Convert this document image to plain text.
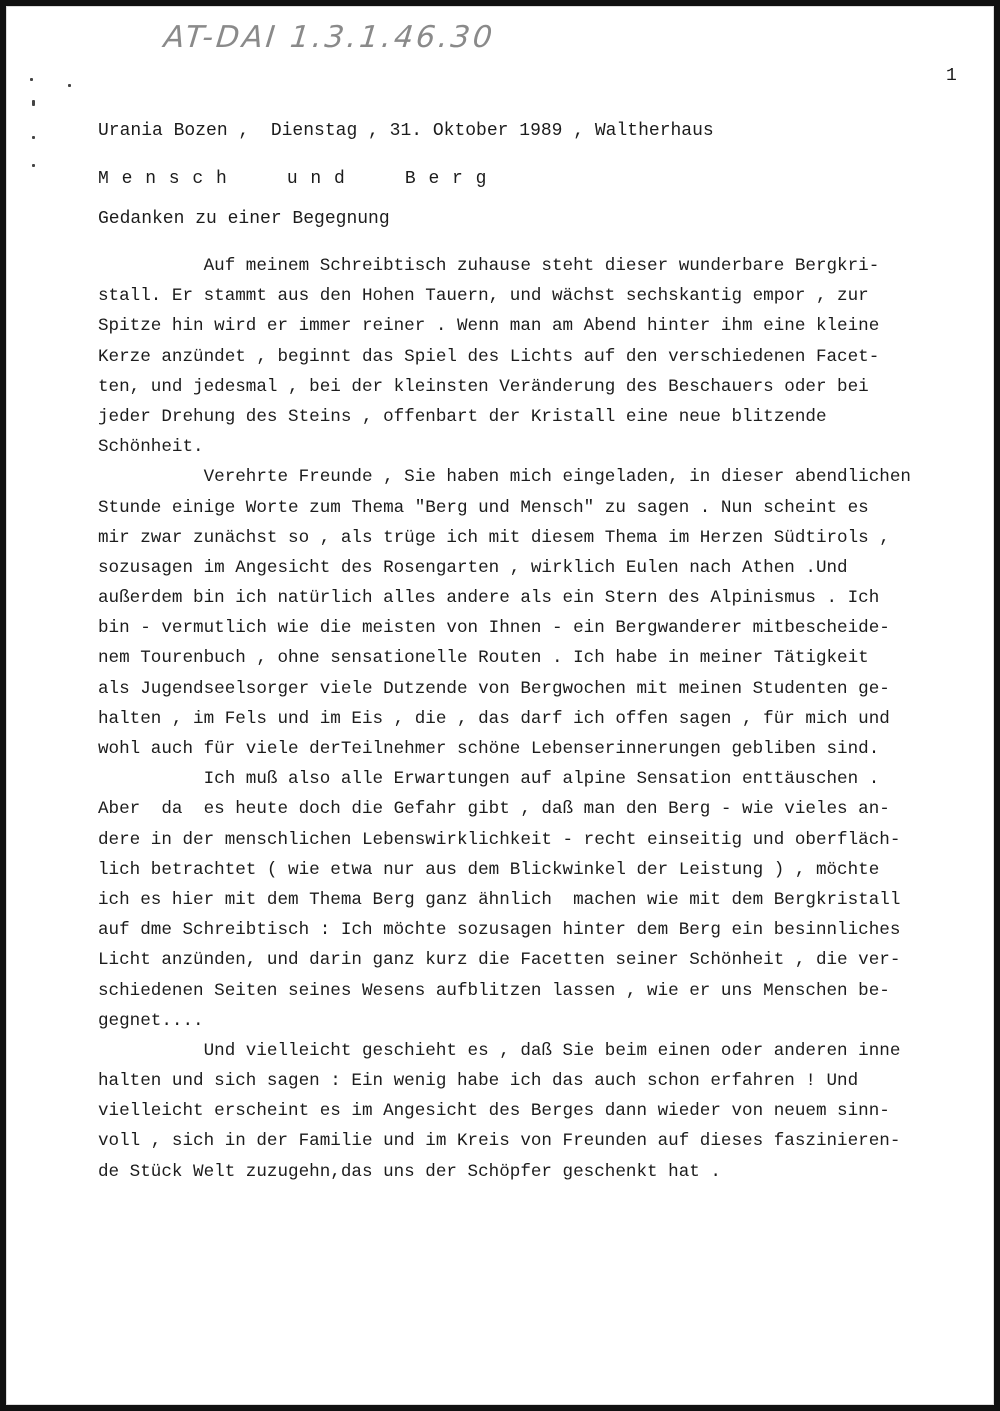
AT-DAI 1.3.1.46.30
1
Urania Bozen ,  Dienstag , 31. Oktober 1989 , Waltherhaus
M e n s c h     u n d     B e r g
Gedanken zu einer Begegnung
Auf meinem Schreibtisch zuhause steht dieser wunderbare Bergkri-
stall. Er stammt aus den Hohen Tauern, und wächst sechskantig empor , zur
Spitze hin wird er immer reiner . Wenn man am Abend hinter ihm eine kleine
Kerze anzündet , beginnt das Spiel des Lichts auf den verschiedenen Facet-
ten, und jedesmal , bei der kleinsten Veränderung des Beschauers oder bei
jeder Drehung des Steins , offenbart der Kristall eine neue blitzende
Schönheit.
Verehrte Freunde , Sie haben mich eingeladen, in dieser abendlichen
Stunde einige Worte zum Thema "Berg und Mensch" zu sagen . Nun scheint es
mir zwar zunächst so , als trüge ich mit diesem Thema im Herzen Südtirols ,
sozusagen im Angesicht des Rosengarten , wirklich Eulen nach Athen .Und
außerdem bin ich natürlich alles andere als ein Stern des Alpinismus . Ich
bin - vermutlich wie die meisten von Ihnen - ein Bergwanderer mitbescheide-
nem Tourenbuch , ohne sensationelle Routen . Ich habe in meiner Tätigkeit
als Jugendseelsorger viele Dutzende von Bergwochen mit meinen Studenten ge-
halten , im Fels und im Eis , die , das darf ich offen sagen , für mich und
wohl auch für viele derTeilnehmer schöne Lebenserinnerungen gebliben sind.
Ich muß also alle Erwartungen auf alpine Sensation enttäuschen .
Aber  da  es heute doch die Gefahr gibt , daß man den Berg - wie vieles an-
dere in der menschlichen Lebenswirklichkeit - recht einseitig und oberfläch-
lich betrachtet ( wie etwa nur aus dem Blickwinkel der Leistung ) , möchte
ich es hier mit dem Thema Berg ganz ähnlich  machen wie mit dem Bergkristall
auf dme Schreibtisch : Ich möchte sozusagen hinter dem Berg ein besinnliches
Licht anzünden, und darin ganz kurz die Facetten seiner Schönheit , die ver-
schiedenen Seiten seines Wesens aufblitzen lassen , wie er uns Menschen be-
gegnet....
Und vielleicht geschieht es , daß Sie beim einen oder anderen inne
halten und sich sagen : Ein wenig habe ich das auch schon erfahren ! Und
vielleicht erscheint es im Angesicht des Berges dann wieder von neuem sinn-
voll , sich in der Familie und im Kreis von Freunden auf dieses faszinieren-
de Stück Welt zuzugehn,das uns der Schöpfer geschenkt hat .
